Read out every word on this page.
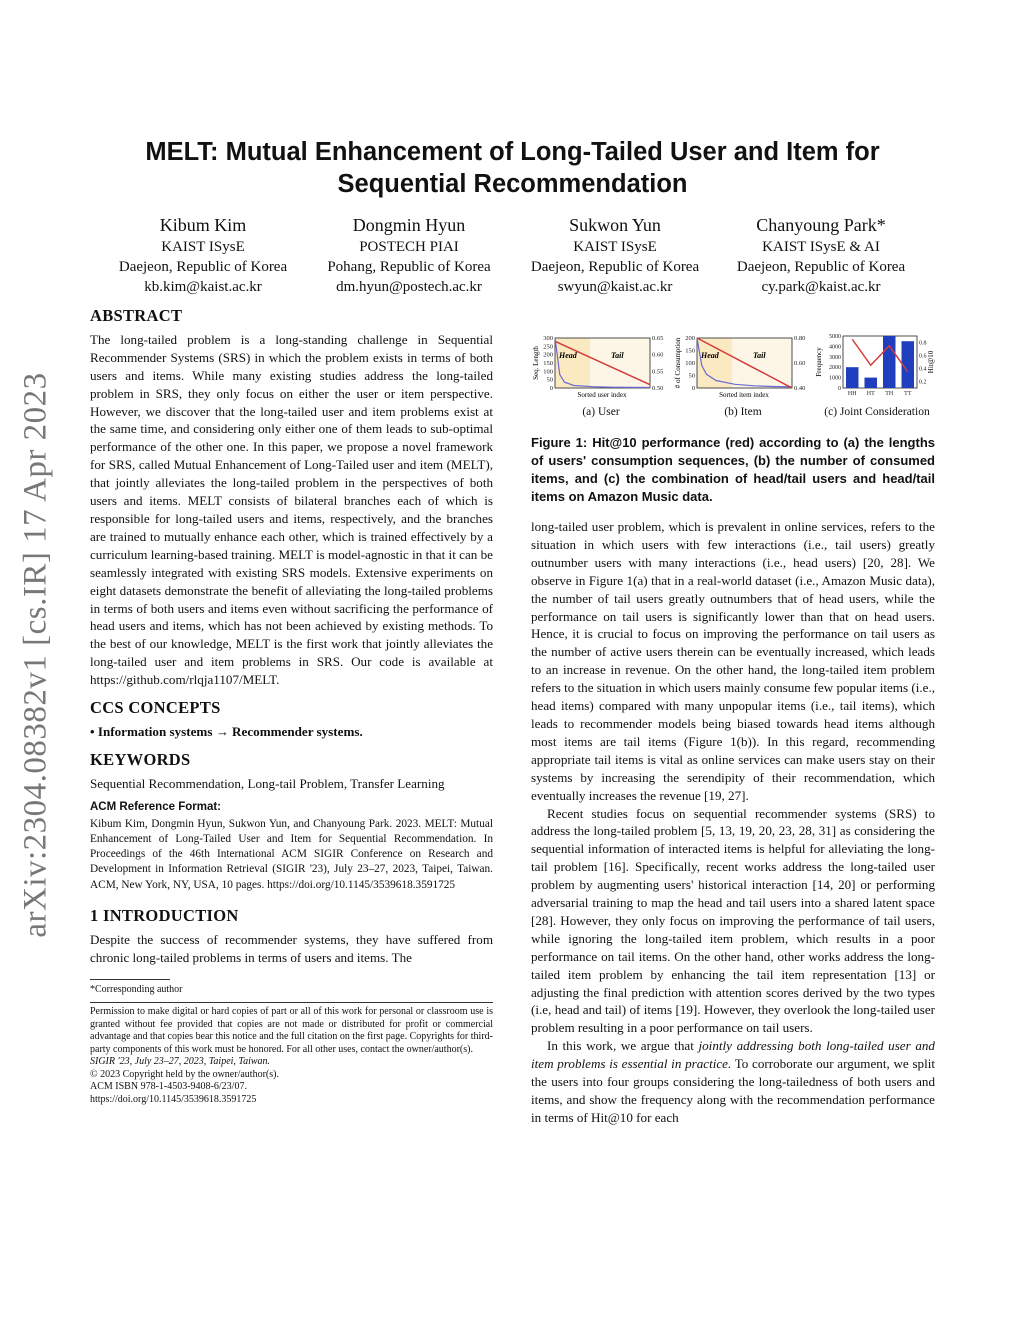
arXiv:2304.08382v1 [cs.IR] 17 Apr 2023
MELT: Mutual Enhancement of Long-Tailed User and Item for Sequential Recommendation
Kibum Kim
KAIST ISysE
Daejeon, Republic of Korea
kb.kim@kaist.ac.kr
Dongmin Hyun
POSTECH PIAI
Pohang, Republic of Korea
dm.hyun@postech.ac.kr
Sukwon Yun
KAIST ISysE
Daejeon, Republic of Korea
swyun@kaist.ac.kr
Chanyoung Park*
KAIST ISysE & AI
Daejeon, Republic of Korea
cy.park@kaist.ac.kr
ABSTRACT

The long-tailed problem is a long-standing challenge in Sequential Recommender Systems (SRS) in which the problem exists in terms of both users and items. While many existing studies address the long-tailed problem in SRS, they only focus on either the user or item perspective. However, we discover that the long-tailed user and item problems exist at the same time, and considering only either one of them leads to sub-optimal performance of the other one. In this paper, we propose a novel framework for SRS, called Mutual Enhancement of Long-Tailed user and item (MELT), that jointly alleviates the long-tailed problem in the perspectives of both users and items. MELT consists of bilateral branches each of which is responsible for long-tailed users and items, respectively, and the branches are trained to mutually enhance each other, which is trained effectively by a curriculum learning-based training. MELT is model-agnostic in that it can be seamlessly integrated with existing SRS models. Extensive experiments on eight datasets demonstrate the benefit of alleviating the long-tailed problems in terms of both users and items even without sacrificing the performance of head users and items, which has not been achieved by existing methods. To the best of our knowledge, MELT is the first work that jointly alleviates the long-tailed user and item problems in SRS. Our code is available at https://github.com/rlqja1107/MELT.

CCS CONCEPTS

• Information systems → Recommender systems.

KEYWORDS

Sequential Recommendation, Long-tail Problem, Transfer Learning

ACM Reference Format:

Kibum Kim, Dongmin Hyun, Sukwon Yun, and Chanyoung Park. 2023. MELT: Mutual Enhancement of Long-Tailed User and Item for Sequential Recommendation. In Proceedings of the 46th International ACM SIGIR Conference on Research and Development in Information Retrieval (SIGIR '23), July 23–27, 2023, Taipei, Taiwan. ACM, New York, NY, USA, 10 pages. https://doi.org/10.1145/3539618.3591725

1 INTRODUCTION

Despite the success of recommender systems, they have suffered from chronic long-tailed problems in terms of users and items. The

*Corresponding author

Permission to make digital or hard copies of part or all of this work for personal or classroom use is granted without fee provided that copies are not made or distributed for profit or commercial advantage and that copies bear this notice and the full citation on the first page. Copyrights for third-party components of this work must be honored. For all other uses, contact the owner/author(s).

SIGIR '23, July 23–27, 2023, Taipei, Taiwan.

© 2023 Copyright held by the owner/author(s).

ACM ISBN 978-1-4503-9408-6/23/07.

https://doi.org/10.1145/3539618.3591725

0
50
100
150
200
250
300
0.50
0.55
0.60
0.65
Head	Tail
Sorted user index
Seq. Length
(a) User
0
50
100
150
200
0.40
0.60
0.80
Head	Tail
Sorted item index
# of Consumption
(b) Item
HH HT TH TT
0
1000
2000
3000
4000
5000
0.2
0.4
0.6
0.8
Frequency	Hit@10
(c) Joint Consideration

Figure 1: Hit@10 performance (red) according to (a) the lengths of users' consumption sequences, (b) the number of consumed items, and (c) the combination of head/tail users and head/tail items on Amazon Music data.

long-tailed user problem, which is prevalent in online services, refers to the situation in which users with few interactions (i.e., tail users) greatly outnumber users with many interactions (i.e., head users) [20, 28]. We observe in Figure 1(a) that in a real-world dataset (i.e., Amazon Music data), the number of tail users greatly outnumbers that of head users, while the performance on tail users is significantly lower than that on head users. Hence, it is crucial to focus on improving the performance on tail users as the number of active users therein can be eventually increased, which leads to an increase in revenue. On the other hand, the long-tailed item problem refers to the situation in which users mainly consume few popular items (i.e., head items) compared with many unpopular items (i.e., tail items), which leads to recommender models being biased towards head items although most items are tail items (Figure 1(b)). In this regard, recommending appropriate tail items is vital as online services can make users stay on their systems by increasing the serendipity of their recommendation, which eventually increases the revenue [19, 27].

Recent studies focus on sequential recommender systems (SRS) to address the long-tailed problem [5, 13, 19, 20, 23, 28, 31] as considering the sequential information of interacted items is helpful for alleviating the long-tail problem [16]. Specifically, recent works address the long-tailed user problem by augmenting users' historical interaction [14, 20] or performing adversarial training to map the head and tail users into a shared latent space [28]. However, they only focus on improving the performance of tail users, while ignoring the long-tailed item problem, which results in a poor performance on tail items. On the other hand, other works address the long-tailed item problem by enhancing the tail item representation [13] or adjusting the final prediction with attention scores derived by the two types (i.e, head and tail) of items [19]. However, they overlook the long-tailed user problem resulting in a poor performance on tail users.

In this work, we argue that jointly addressing both long-tailed user and item problems is essential in practice. To corroborate our argument, we split the users into four groups considering the long-tailedness of both users and items, and show the frequency along with the recommendation performance in terms of Hit@10 for each
